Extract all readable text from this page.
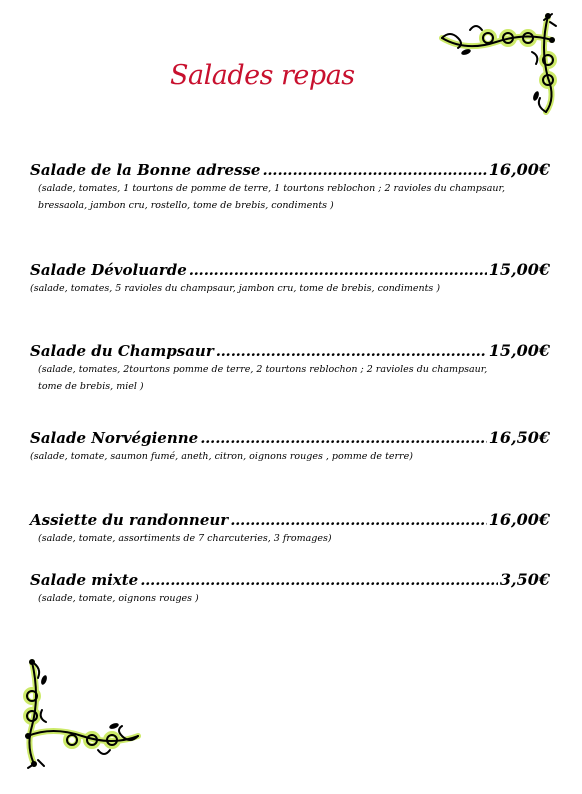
Salades repas
Salade de la Bonne adresse ………………………………………………………………………………………………………………	16,00€
(salade, tomates, 1 tourtons de pomme de terre, 1 tourtons reblochon ; 2 ravioles du champsaur,
bressaola, jambon cru, rostello, tome de brebis, condiments )
Salade Dévoluarde ………………………………………………………………………………………………………………	15,00€
(salade, tomates, 5 ravioles du champsaur, jambon cru, tome de brebis, condiments )
Salade du Champsaur ………………………………………………………………………………………………………………	15,00€
(salade, tomates, 2tourtons pomme de terre, 2 tourtons reblochon ; 2 ravioles du champsaur,
tome de brebis, miel )
Salade Norvégienne ………………………………………………………………………………………………………………	16,50€
(salade, tomate, saumon fumé, aneth, citron, oignons rouges , pomme de terre)
Assiette du randonneur ………………………………………………………………………………………………………………	16,00€
(salade, tomate, assortiments de 7 charcuteries, 3 fromages)
Salade mixte ………………………………………………………………………………………………………………	3,50€
(salade, tomate, oignons rouges )
